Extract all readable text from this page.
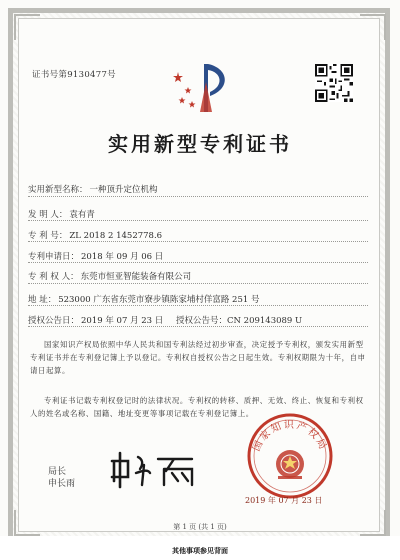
证书号第9130477号
实用新型专利证书
实用新型名称： 一种顶升定位机构
发 明 人： 袁有青
专 利 号： ZL 2018 2 1452778.6
专利申请日： 2018 年 09 月 06 日
专 利 权 人： 东莞市恒亚智能装备有限公司
地 址： 523000 广东省东莞市寮步镇陈家埔村佯富路 251 号
授权公告日： 2019 年 07 月 23 日 授权公告号：CN 209143089 U
国家知识产权局依照中华人民共和国专利法经过初步审查，决定授予专利权，颁发实用新型专利证书并在专利登记簿上予以登记。专利权自授权公告之日起生效。专利权期限为十年，自申请日起算。
专利证书记载专利权登记时的法律状况。专利权的转移、质押、无效、终止、恢复和专利权人的姓名或名称、国籍、地址变更等事项记载在专利登记簿上。
局长
申长雨
国家知识产权局
2019 年 07 月 23 日
第 1 页 (共 1 页)
其他事项参见背面
